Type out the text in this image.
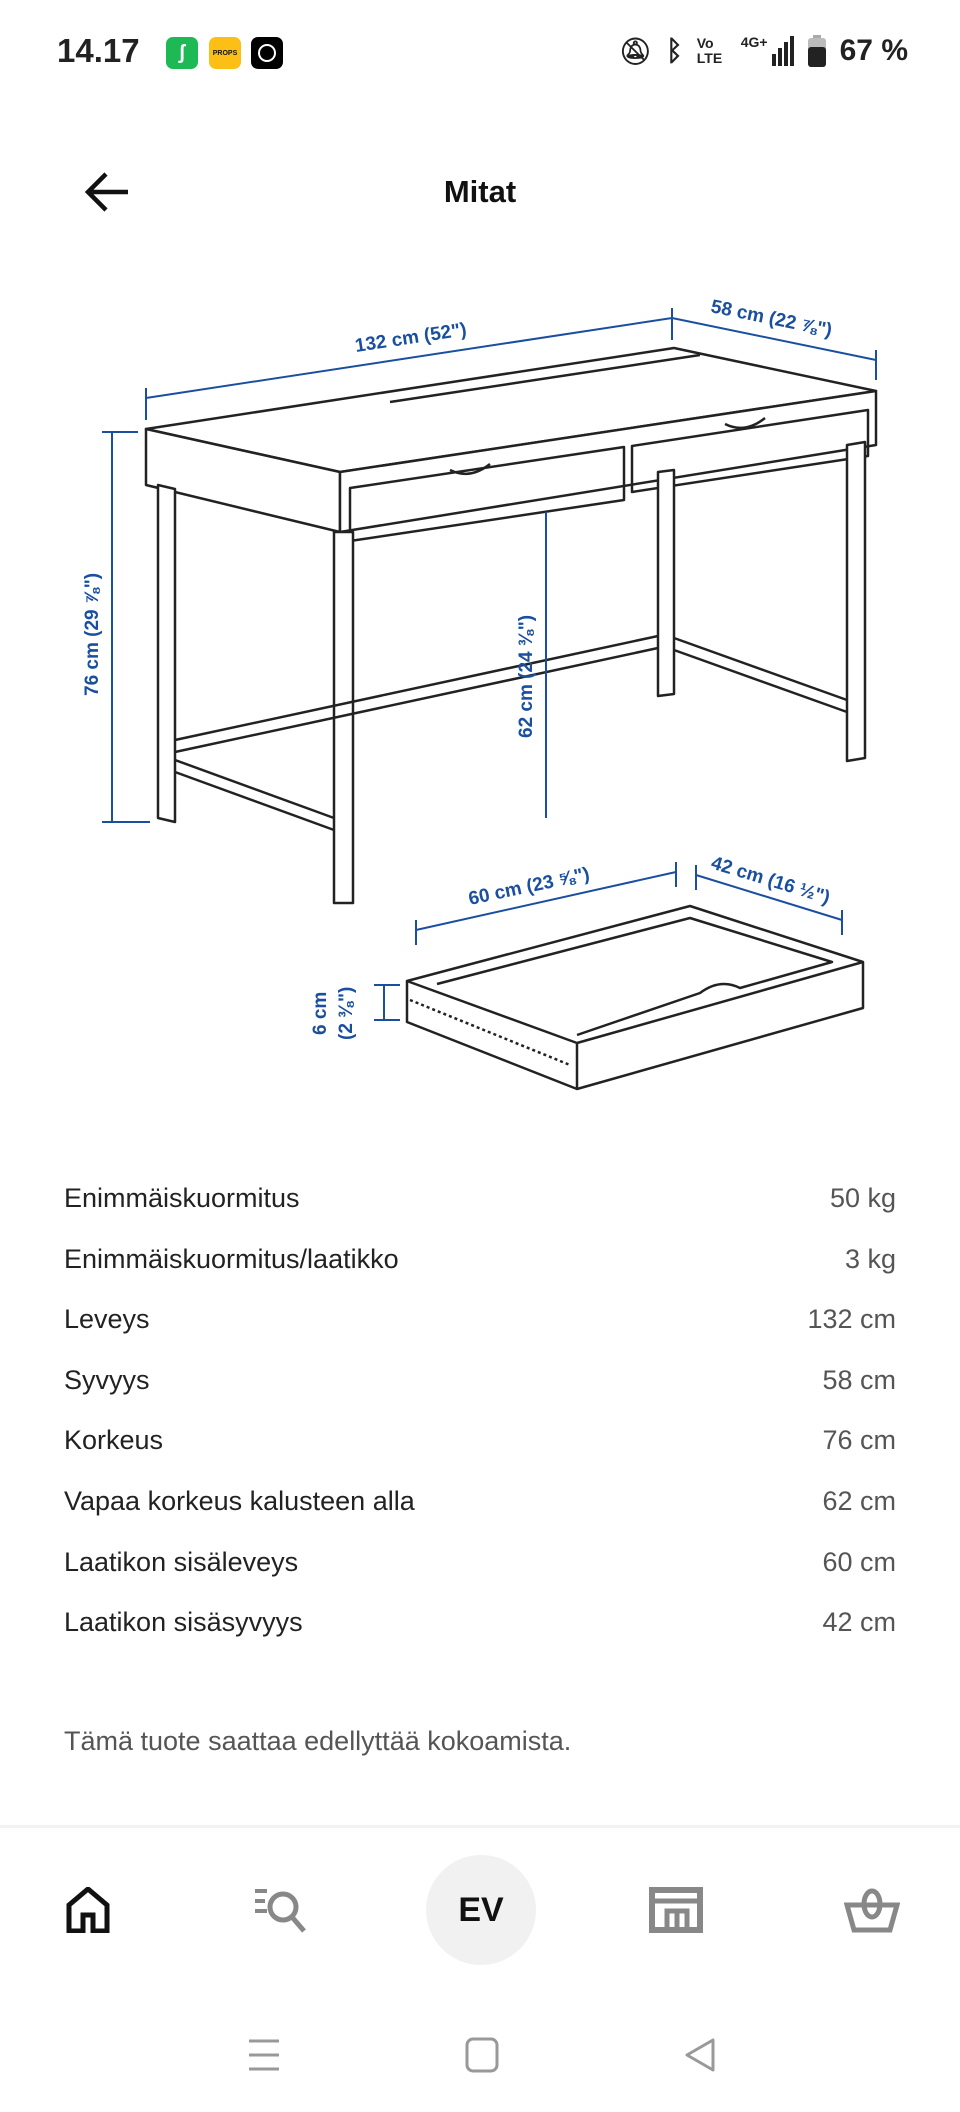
14.17	ʃ	PROPS	🔕︎ ᛒ Vo LTE
4G+ 67 %
Mitat
132 cm (52")	58 cm (22 ⅞")
76 cm (29 ⅞")	62 cm (24 ⅜")
60 cm (23 ⅝")	42 cm (16 ½")
6 cm (2 ⅜")
Enimmäiskuormitus	50 kg
Enimmäiskuormitus/laatikko	3 kg
Leveys	132 cm
Syvyys	58 cm
Korkeus	76 cm
Vapaa korkeus kalusteen alla	62 cm
Laatikon sisäleveys	60 cm
Laatikon sisäsyvyys	42 cm
Tämä tuote saattaa edellyttää kokoamista.
EV
